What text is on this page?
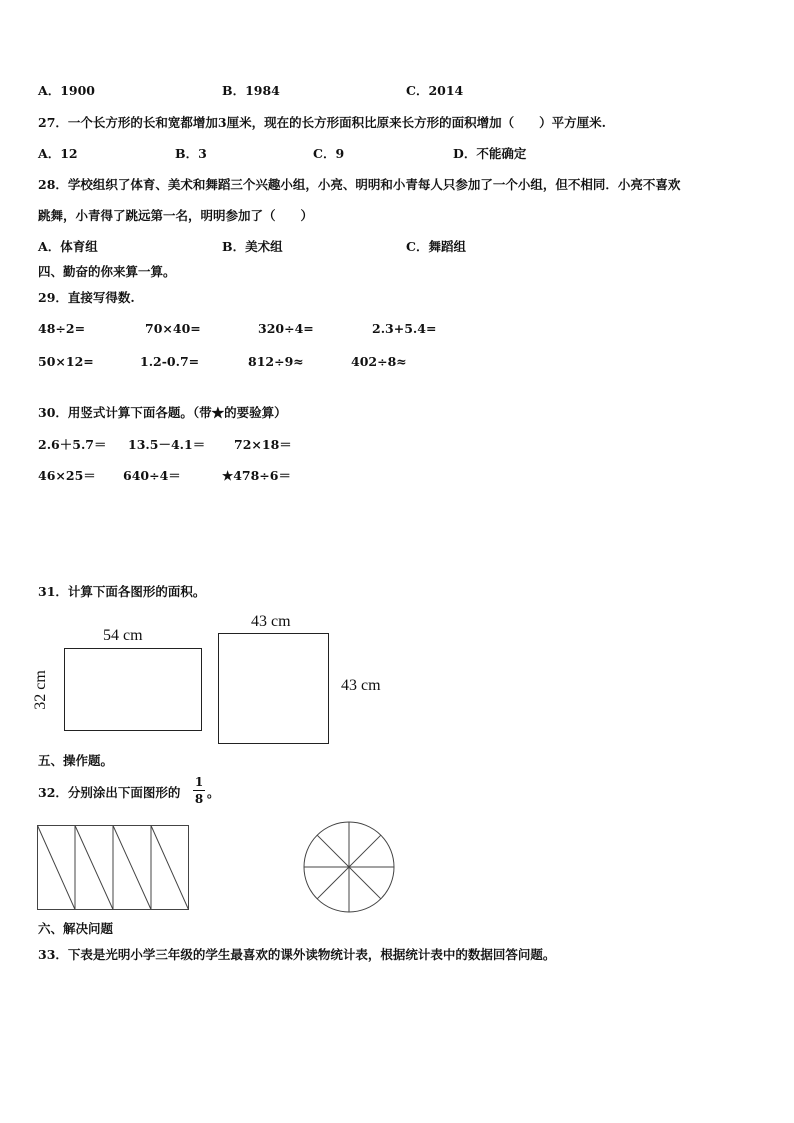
A．1900	B．1984	C．2014
27．一个长方形的长和宽都增加3厘米，现在的长方形面积比原来长方形的面积增加（　　）平方厘米.
A．12	B．3	C．9	D．不能确定
28．学校组织了体育、美术和舞蹈三个兴趣小组，小亮、明明和小青每人只参加了一个小组，但不相同．小亮不喜欢
跳舞，小青得了跳远第一名，明明参加了（　　）
A．体育组	B．美术组	C．舞蹈组
四、勤奋的你来算一算。
29．直接写得数.
48÷2=	70×40=	320÷4=	2.3+5.4=
50×12=	1.2-0.7=	812÷9≈	402÷8≈
30．用竖式计算下面各题。（带★的要验算）
2.6＋5.7＝ 13.5－4.1＝ 72×18＝
46×25＝ 640÷4＝	★478÷6＝
31．计算下面各图形的面积。
54 cm
32 cm
43 cm
43 cm
五、操作题。
32．分别涂出下面图形的
1
8 。
六、解决问题
33．下表是光明小学三年级的学生最喜欢的课外读物统计表，根据统计表中的数据回答问题。
